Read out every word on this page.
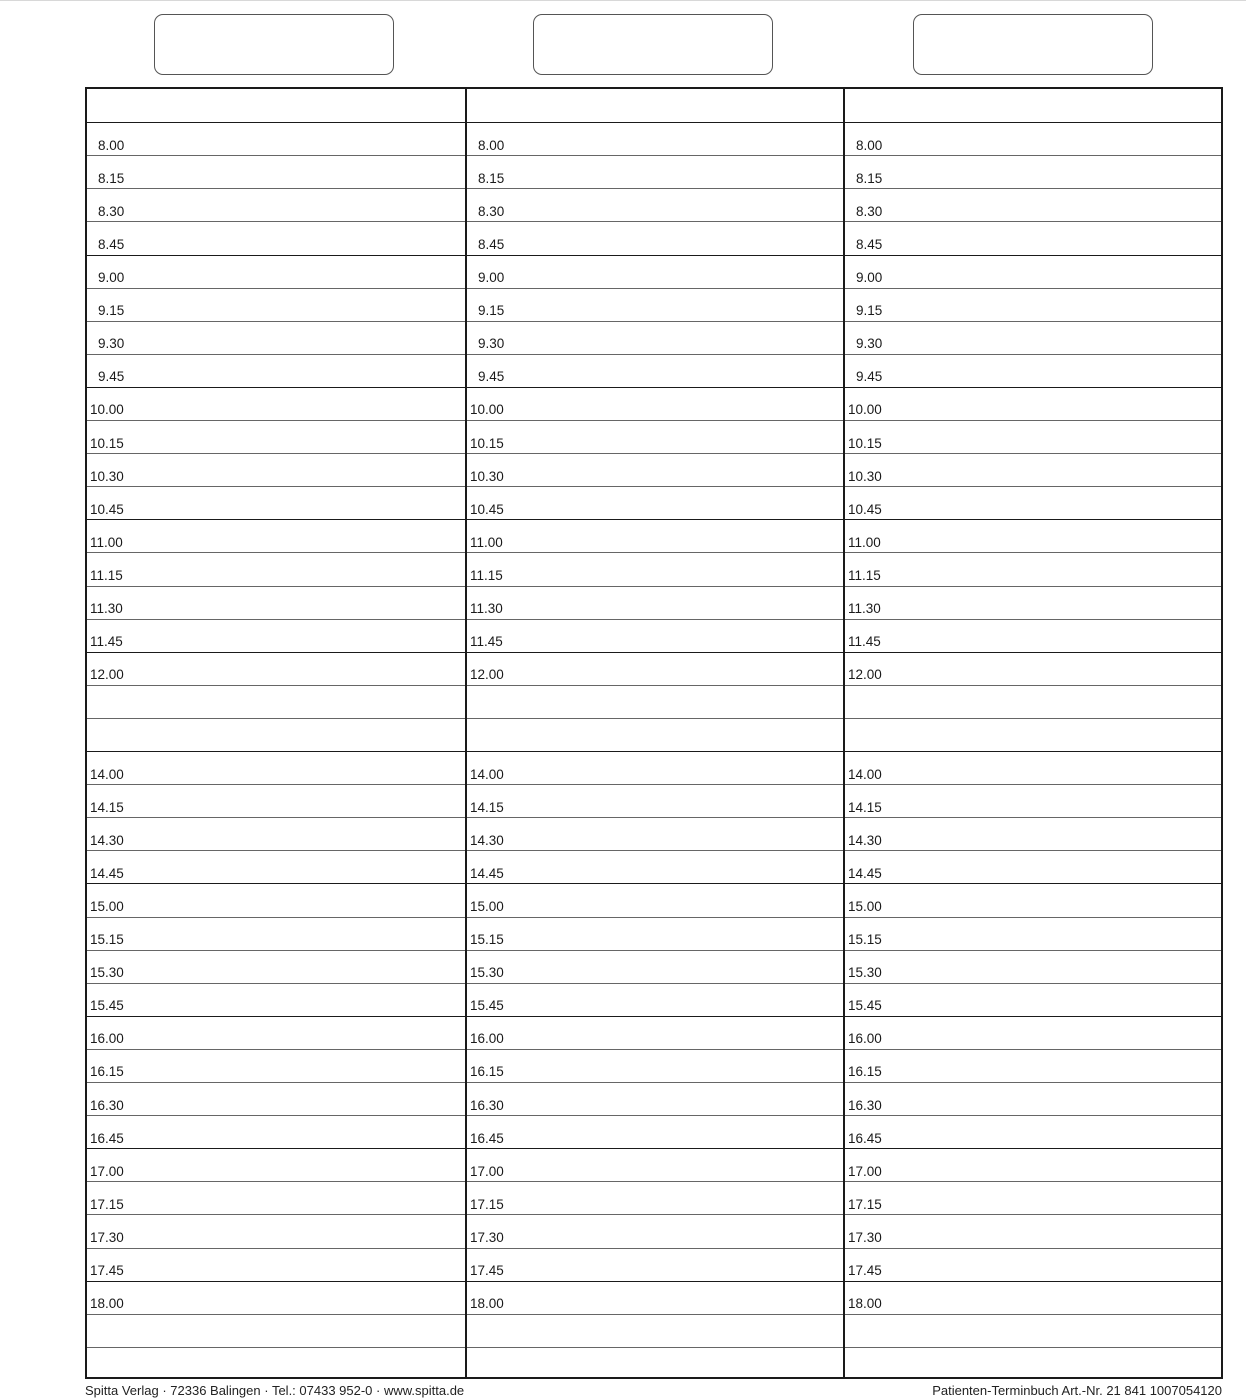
8.00
8.15
8.30
8.45
9.00
9.15
9.30
9.45
10.00
10.15
10.30
10.45
11.00
11.15
11.30
11.45
12.00
14.00
14.15
14.30
14.45
15.00
15.15
15.30
15.45
16.00
16.15
16.30
16.45
17.00
17.15
17.30
17.45
18.00
8.00
8.15
8.30
8.45
9.00
9.15
9.30
9.45
10.00
10.15
10.30
10.45
11.00
11.15
11.30
11.45
12.00
14.00
14.15
14.30
14.45
15.00
15.15
15.30
15.45
16.00
16.15
16.30
16.45
17.00
17.15
17.30
17.45
18.00
8.00
8.15
8.30
8.45
9.00
9.15
9.30
9.45
10.00
10.15
10.30
10.45
11.00
11.15
11.30
11.45
12.00
14.00
14.15
14.30
14.45
15.00
15.15
15.30
15.45
16.00
16.15
16.30
16.45
17.00
17.15
17.30
17.45
18.00
Spitta Verlag · 72336 Balingen · Tel.: 07433 952-0 · www.spitta.de	Patienten-Terminbuch Art.-Nr. 21 841 1007054120
